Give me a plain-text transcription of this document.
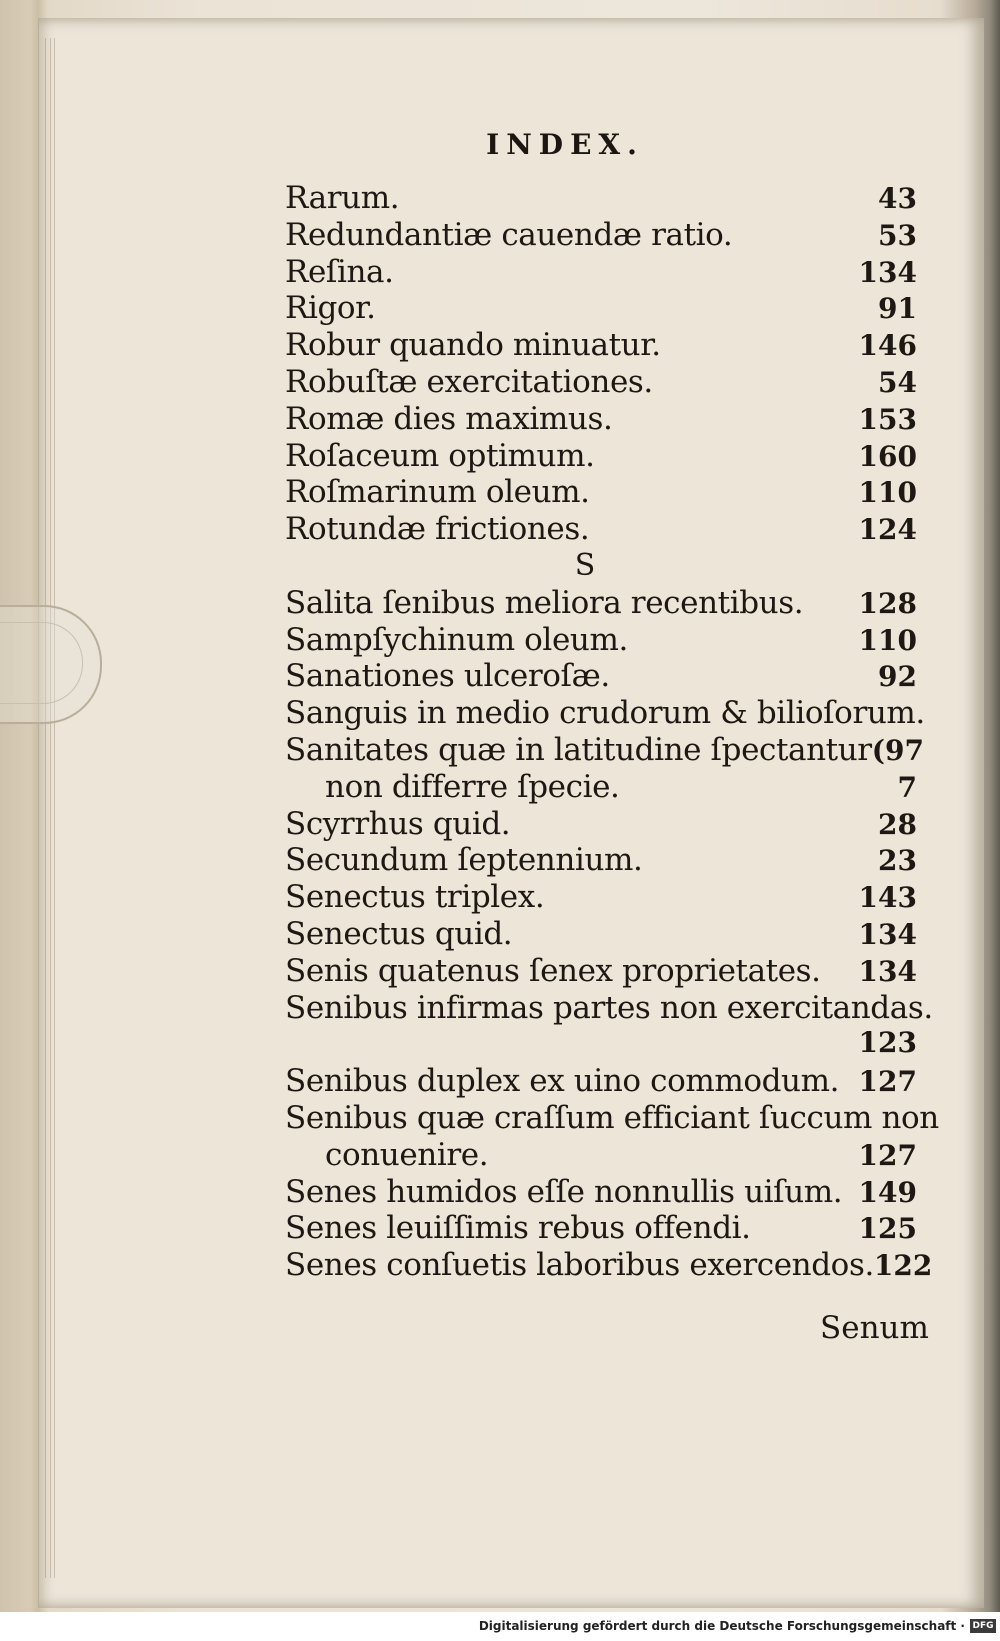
INDEX.
Rarum.	43
Redundantiæ cauendæ ratio.	53
Reſina.	134
Rigor.	91
Robur quando minuatur.	146
Robuſtæ exercitationes.	54
Romæ dies maximus.	153
Roſaceum optimum.	160
Roſmarinum oleum.	110
Rotundæ frictiones.	124
S
Salita ſenibus meliora recentibus. 128
Sampſychinum oleum.	110
Sanationes ulceroſæ.	92
Sanguis in medio crudorum & bilioſorum.
Sanitates quæ in latitudine ſpectantur (97
non differre ſpecie.	7
Scyrrhus quid.	28
Secundum ſeptennium.	23
Senectus triplex.	143
Senectus quid.	134
Senis quatenus ſenex proprietates. 134
Senibus infirmas partes non exercitandas.
123
Senibus duplex ex uino commodum. 127
Senibus quæ craſſum efficiant ſuccum non
conuenire.	127
Senes humidos eſſe nonnullis uiſum. 149
Senes leuiſſimis rebus offendi.	125
Senes conſuetis laboribus exercendos. 122
Senum
Digitalisierung gefördert durch die Deutsche Forschungsgemeinschaft · DFG
